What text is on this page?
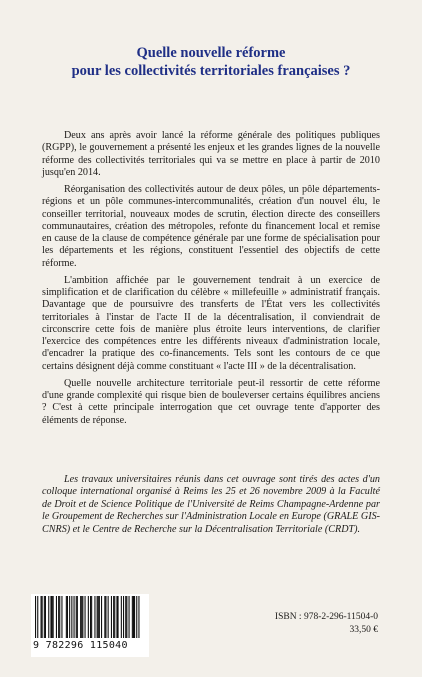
Quelle nouvelle réforme
pour les collectivités territoriales françaises ?

Deux ans après avoir lancé la réforme générale des politiques publiques (RGPP), le gouvernement a présenté les enjeux et les grandes lignes de la nouvelle réforme des collectivités territoriales qui va se mettre en place à partir de 2010 jusqu'en 2014.

Réorganisation des collectivités autour de deux pôles, un pôle départements-régions et un pôle communes-intercommunalités, création d'un nouvel élu, le conseiller territorial, nouveaux modes de scrutin, élection directe des conseillers communautaires, création des métropoles, refonte du financement local et remise en cause de la clause de compétence générale par une forme de spécialisation pour les départements et les régions, constituent l'essentiel des objectifs de cette réforme.

L'ambition affichée par le gouvernement tendrait à un exercice de simplification et de clarification du célèbre « millefeuille » administratif français. Davantage que de poursuivre des transferts de l'État vers les collectivités territoriales à l'instar de l'acte II de la décentralisation, il conviendrait de circonscrire cette fois de manière plus étroite leurs interventions, de clarifier l'exercice des compétences entre les différents niveaux d'administration locale, d'encadrer la pratique des co-financements. Tels sont les contours de ce que certains désignent déjà comme constituant « l'acte III » de la décentralisation.

Quelle nouvelle architecture territoriale peut-il ressortir de cette réforme d'une grande complexité qui risque bien de bouleverser certains équilibres anciens ? C'est à cette principale interrogation que cet ouvrage tente d'apporter des éléments de réponse.

Les travaux universitaires réunis dans cet ouvrage sont tirés des actes d'un colloque international organisé à Reims les 25 et 26 novembre 2009 à la Faculté de Droit et de Science Politique de l'Université de Reims Champagne-Ardenne par le Groupement de Recherches sur l'Administration Locale en Europe (GRALE GIS-CNRS) et le Centre de Recherche sur la Décentralisation Territoriale (CRDT).

9 782296 115040
ISBN : 978-2-296-11504-0
33,50 €
